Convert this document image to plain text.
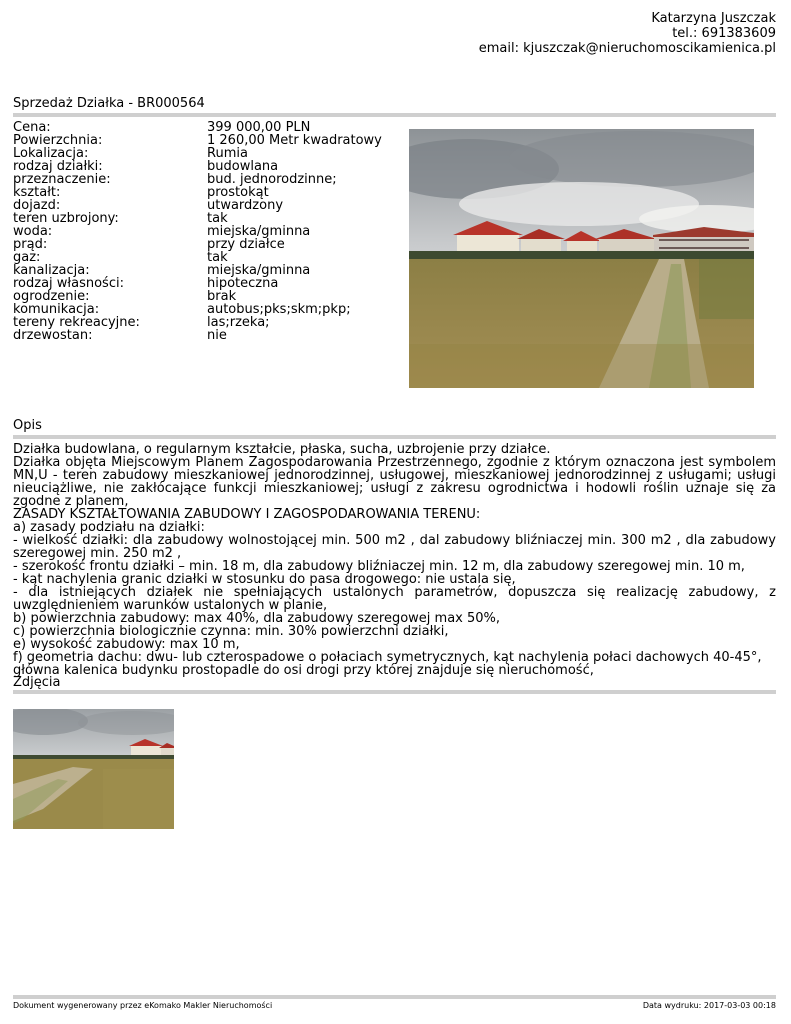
Katarzyna Juszczak
tel.: 691383609
email: kjuszczak@nieruchomoscikamienica.pl
Sprzedaż Działka - BR000564
Cena:	399 000,00 PLN
Powierzchnia:	1 260,00 Metr kwadratowy
Lokalizacja:	Rumia
rodzaj działki:	budowlana
przeznaczenie:	bud. jednorodzinne;
kształt:	prostokąt
dojazd:	utwardzony
teren uzbrojony:	tak
woda:	miejska/gminna
prąd:	przy działce
gaz:	tak
kanalizacja:	miejska/gminna
rodzaj własności:	hipoteczna
ogrodzenie:	brak
komunikacja:	autobus;pks;skm;pkp;
tereny rekreacyjne:	las;rzeka;
drzewostan:	nie
Opis
Działka budowlana, o regularnym kształcie, płaska, sucha, uzbrojenie przy działce.
Działka objęta Miejscowym Planem Zagospodarowania Przestrzennego, zgodnie z którym oznaczona jest symbolem
MN,U - teren zabudowy mieszkaniowej jednorodzinnej, usługowej, mieszkaniowej jednorodzinnej z usługami; usługi
nieuciążliwe, nie zakłócające funkcji mieszkaniowej; usługi z zakresu ogrodnictwa i hodowli roślin uznaje się za
zgodne z planem,
ZASADY KSZTAŁTOWANIA ZABUDOWY I ZAGOSPODAROWANIA TERENU:
a) zasady podziału na działki:
- wielkość działki: dla zabudowy wolnostojącej min. 500 m2 , dal zabudowy bliźniaczej min. 300 m2 , dla zabudowy
szeregowej min. 250 m2 ,
- szerokość frontu działki – min. 18 m, dla zabudowy bliźniaczej min. 12 m, dla zabudowy szeregowej min. 10 m,
- kąt nachylenia granic działki w stosunku do pasa drogowego: nie ustala się,
- dla istniejących działek nie spełniających ustalonych parametrów, dopuszcza się realizację zabudowy, z
uwzględnieniem warunków ustalonych w planie,
b) powierzchnia zabudowy: max 40%, dla zabudowy szeregowej max 50%,
c) powierzchnia biologicznie czynna: min. 30% powierzchni działki,
e) wysokość zabudowy: max 10 m,
f) geometria dachu: dwu- lub czterospadowe o połaciach symetrycznych, kąt nachylenia połaci dachowych 40-45°,
główna kalenica budynku prostopadle do osi drogi przy której znajduje się nieruchomość,
Zdjęcia
Dokument wygenerowany przez eKomako Makler Nieruchomości	Data wydruku: 2017-03-03 00:18
